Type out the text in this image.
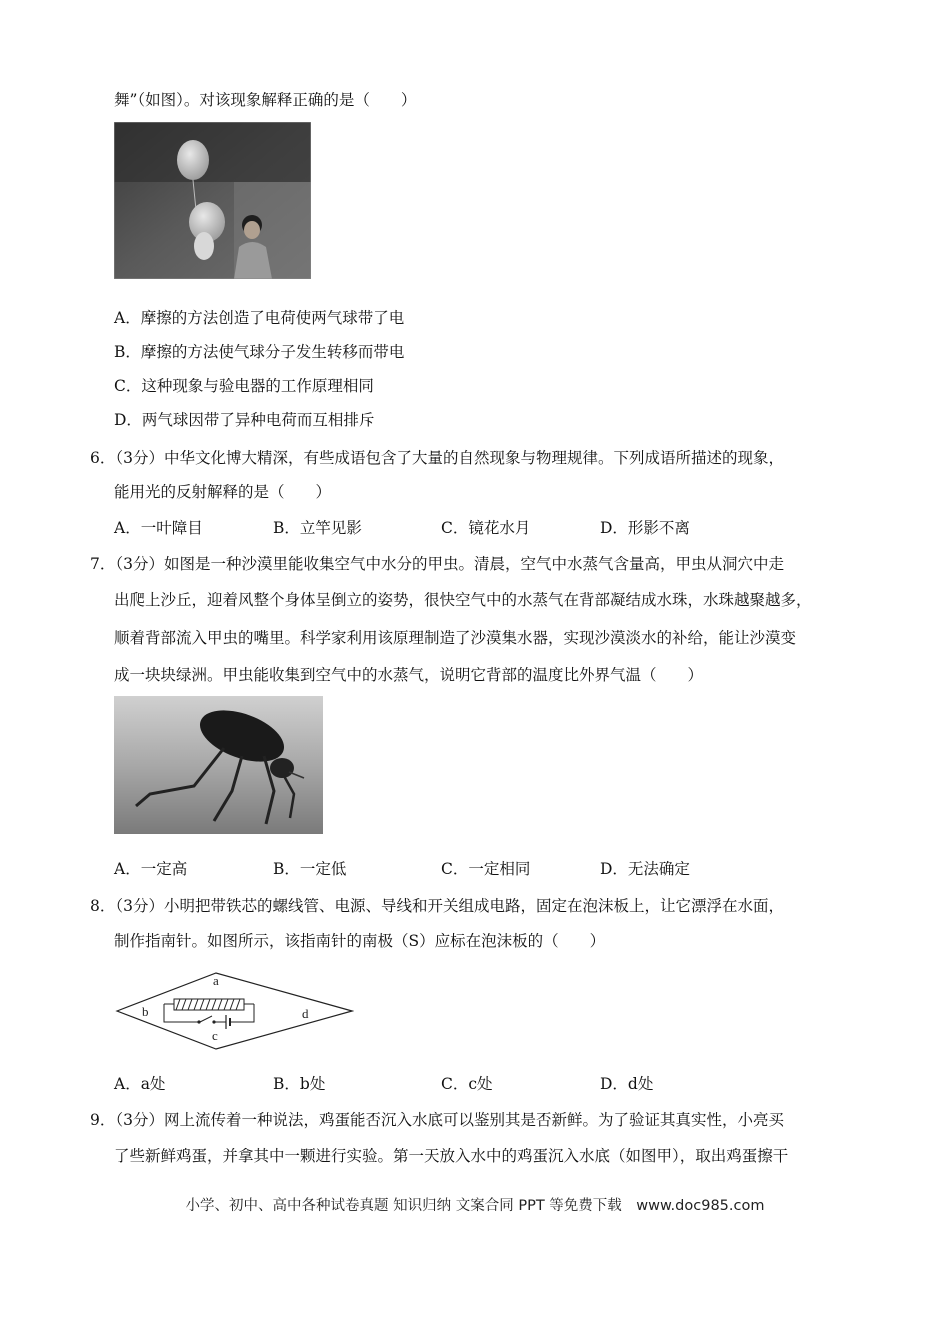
舞”（如图）。对该现象解释正确的是（　　）
A．摩擦的方法创造了电荷使两气球带了电
B．摩擦的方法使气球分子发生转移而带电
C．这种现象与验电器的工作原理相同
D．两气球因带了异种电荷而互相排斥
6．（3分）中华文化博大精深，有些成语包含了大量的自然现象与物理规律。下列成语所描述的现象，
能用光的反射解释的是（　　）
A．一叶障目	B．立竿见影	C．镜花水月	D．形影不离
7．（3分）如图是一种沙漠里能收集空气中水分的甲虫。清晨，空气中水蒸气含量高，甲虫从洞穴中走
出爬上沙丘，迎着风整个身体呈倒立的姿势，很快空气中的水蒸气在背部凝结成水珠，水珠越聚越多，
顺着背部流入甲虫的嘴里。科学家利用该原理制造了沙漠集水器，实现沙漠淡水的补给，能让沙漠变
成一块块绿洲。甲虫能收集到空气中的水蒸气，说明它背部的温度比外界气温（　　）
A．一定高	B．一定低	C．一定相同	D．无法确定
8．（3分）小明把带铁芯的螺线管、电源、导线和开关组成电路，固定在泡沫板上，让它漂浮在水面，
制作指南针。如图所示，该指南针的南极（S）应标在泡沫板的（　　）
a
b
c
d
A．a处	B．b处	C．c处	D．d处
9．（3分）网上流传着一种说法，鸡蛋能否沉入水底可以鉴别其是否新鲜。为了验证其真实性，小亮买
了些新鲜鸡蛋，并拿其中一颗进行实验。第一天放入水中的鸡蛋沉入水底（如图甲），取出鸡蛋擦干
小学、初中、高中各种试卷真题 知识归纳 文案合同 PPT 等免费下载　www.doc985.com
